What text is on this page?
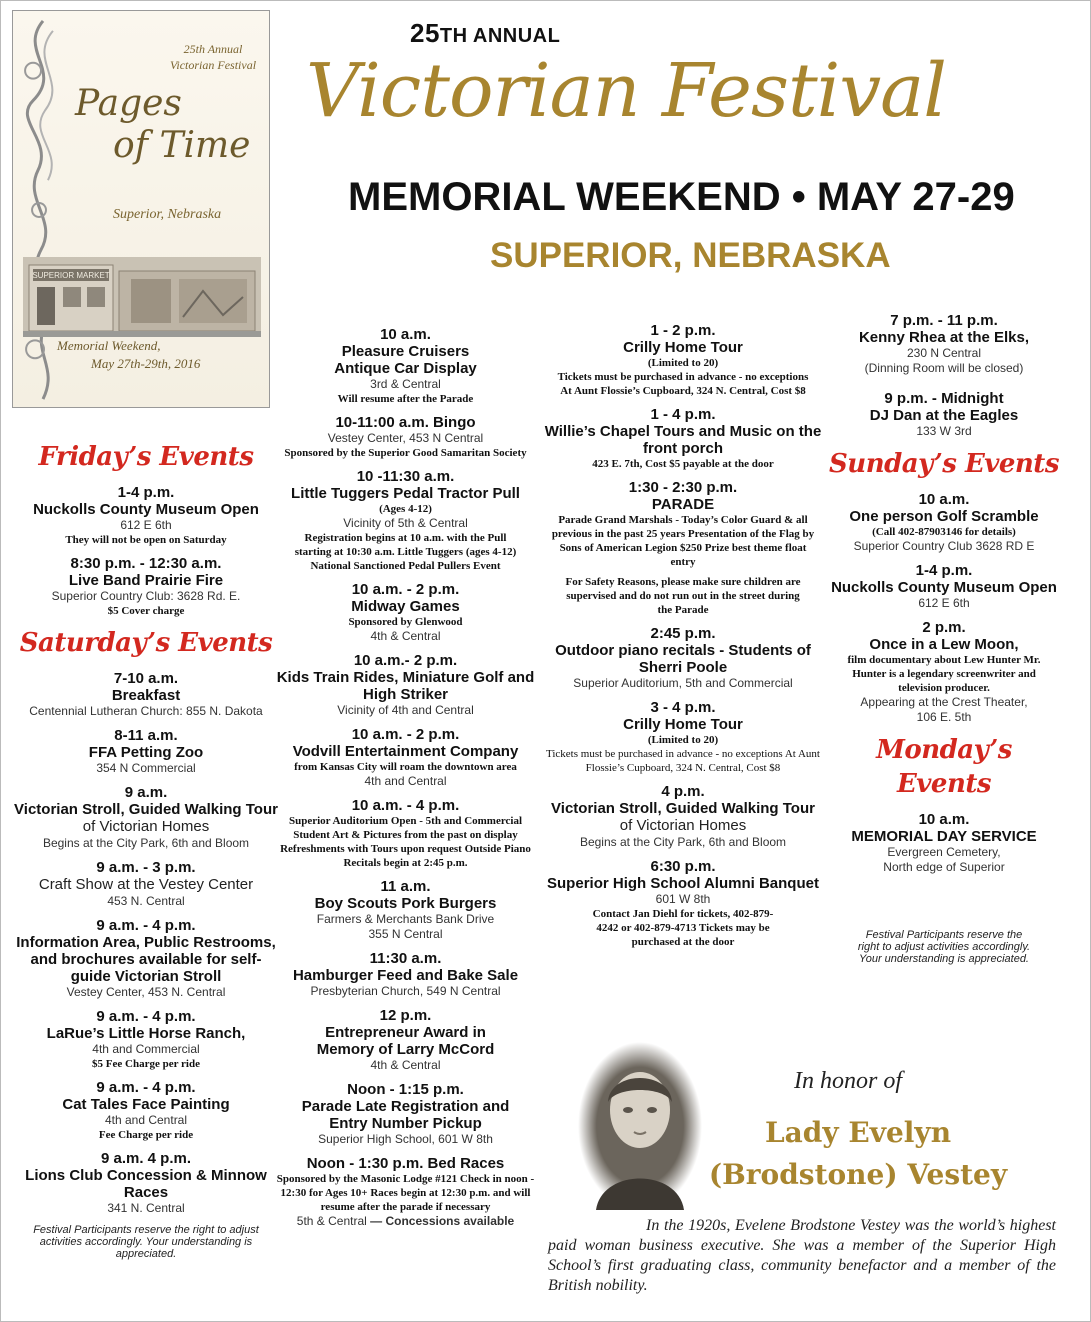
25th Annual
Victorian Festival
Pages
of Time
Superior, Nebraska
SUPERIOR MARKET
Memorial Weekend,
May 27th-29th, 2016
25TH ANNUAL
Victorian Festival
MEMORIAL WEEKEND • MAY 27-29
SUPERIOR, NEBRASKA
Friday’s Events
1-4 p.m.
Nuckolls County Museum Open
612 E 6th
They will not be open on Saturday
8:30 p.m. - 12:30 a.m.
Live Band Prairie Fire
Superior Country Club: 3628 Rd. E.
$5 Cover charge
Saturday’s Events
7-10 a.m.
Breakfast
Centennial Lutheran Church: 855 N. Dakota
8-11 a.m.
FFA Petting Zoo
354 N Commercial
9 a.m.
Victorian Stroll, Guided Walking Tour
of Victorian Homes
Begins at the City Park, 6th and Bloom
9 a.m. - 3 p.m.
Craft Show at the Vestey Center
453 N. Central
9 a.m. - 4 p.m.
Information Area, Public Restrooms, and brochures available for self-guide Victorian Stroll
Vestey Center, 453 N. Central
9 a.m. - 4 p.m.
LaRue’s Little Horse Ranch,
4th and Commercial
$5 Fee Charge per ride
9 a.m. - 4 p.m.
Cat Tales Face Painting
4th and Central
Fee Charge per ride
9 a.m. 4 p.m.
Lions Club Concession & Minnow Races
341 N. Central
Festival Participants reserve the right to adjust activities accordingly. Your understanding is appreciated.
10 a.m.
Pleasure Cruisers Antique Car Display
3rd & Central
Will resume after the Parade
10-11:00 a.m. Bingo
Vestey Center, 453 N Central
Sponsored by the Superior Good Samaritan Society
10 -11:30 a.m.
Little Tuggers Pedal Tractor Pull
(Ages 4-12)
Vicinity of 5th & Central
Registration begins at 10 a.m. with the Pull starting at 10:30 a.m. Little Tuggers (ages 4-12) National Sanctioned Pedal Pullers Event
10 a.m. - 2 p.m.
Midway Games
Sponsored by Glenwood
4th & Central
10 a.m.- 2 p.m.
Kids Train Rides, Miniature Golf and High Striker
Vicinity of 4th and Central
10 a.m. - 2 p.m.
Vodvill Entertainment Company
from Kansas City will roam the downtown area
4th and Central
10 a.m. - 4 p.m.
Superior Auditorium Open - 5th and Commercial Student Art & Pictures from the past on display Refreshments with Tours upon request Outside Piano Recitals begin at 2:45 p.m.
11 a.m.
Boy Scouts Pork Burgers
Farmers & Merchants Bank Drive
355 N Central
11:30 a.m.
Hamburger Feed and Bake Sale
Presbyterian Church, 549 N Central
12 p.m.
Entrepreneur Award in Memory of Larry McCord
4th & Central
Noon - 1:15 p.m.
Parade Late Registration and Entry Number Pickup
Superior High School, 601 W 8th
Noon - 1:30 p.m. Bed Races
Sponsored by the Masonic Lodge #121 Check in noon - 12:30 for Ages 10+ Races begin at 12:30 p.m. and will resume after the parade if necessary
5th & Central — Concessions available
1 - 2 p.m.
Crilly Home Tour
(Limited to 20)
Tickets must be purchased in advance - no exceptions At Aunt Flossie’s Cupboard, 324 N. Central, Cost $8
1 - 4 p.m.
Willie’s Chapel Tours and Music on the front porch
423 E. 7th, Cost $5 payable at the door
1:30 - 2:30 p.m.
PARADE
Parade Grand Marshals - Today’s Color Guard & all previous in the past 25 years Presentation of the Flag by Sons of American Legion $250 Prize best theme float entry
For Safety Reasons, please make sure children are supervised and do not run out in the street during the Parade
2:45 p.m.
Outdoor piano recitals - Students of Sherri Poole
Superior Auditorium, 5th and Commercial
3 - 4 p.m.
Crilly Home Tour
(Limited to 20)
Tickets must be purchased in advance - no exceptions At Aunt Flossie’s Cupboard, 324 N. Central, Cost $8
4 p.m.
Victorian Stroll, Guided Walking Tour
of Victorian Homes
Begins at the City Park, 6th and Bloom
6:30 p.m.
Superior High School Alumni Banquet
601 W 8th
Contact Jan Diehl for tickets, 402-879-4242 or 402-879-4713 Tickets may be purchased at the door
7 p.m. - 11 p.m.
Kenny Rhea at the Elks,
230 N Central
(Dinning Room will be closed)
9 p.m. - Midnight
DJ Dan at the Eagles
133 W 3rd
Sunday’s Events
10 a.m.
One person Golf Scramble
(Call 402-87903146 for details)
Superior Country Club 3628 RD E
1-4 p.m.
Nuckolls County Museum Open
612 E 6th
2 p.m.
Once in a Lew Moon,
film documentary about Lew Hunter Mr. Hunter is a legendary screenwriter and television producer.
Appearing at the Crest Theater, 106 E. 5th
Monday’s Events
10 a.m.
MEMORIAL DAY SERVICE
Evergreen Cemetery,
North edge of Superior
Festival Participants reserve the right to adjust activities accordingly. Your understanding is appreciated.
In honor of
Lady Evelyn
(Brodstone) Vestey
In the 1920s, Evelene Brodstone Vestey was the world’s highest paid woman business executive. She was a member of the Superior High School’s first graduating class, community benefactor and a member of the British nobility.
